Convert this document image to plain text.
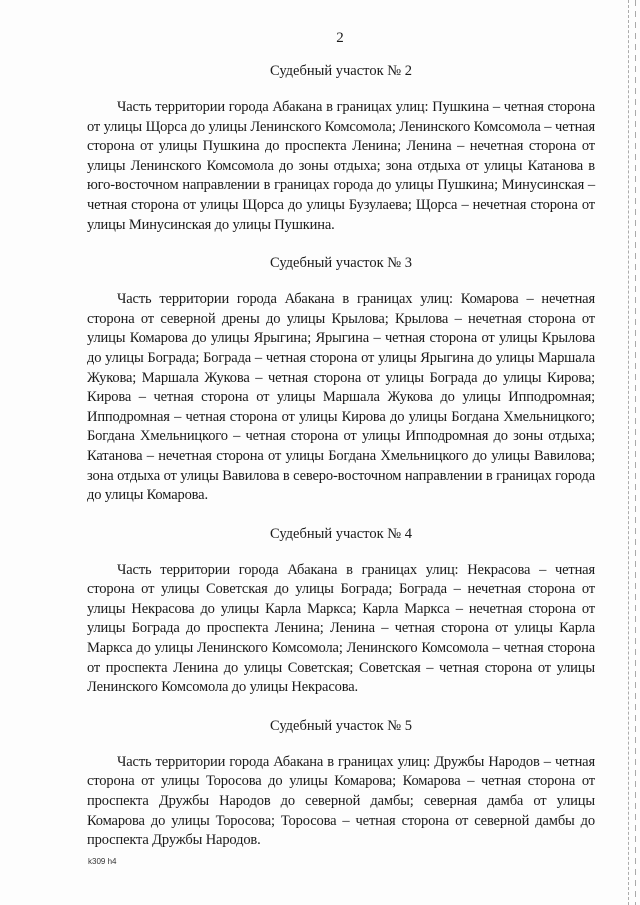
2
Судебный участок № 2

Часть территории города Абакана в границах улиц: Пушкина – четная сторона от улицы Щорса до улицы Ленинского Комсомола; Ленинского Комсомола – четная сторона от улицы Пушкина до проспекта Ленина; Ленина – нечетная сторона от улицы Ленинского Комсомола до зоны отдыха; зона отдыха от улицы Катанова в юго-восточном направлении в границах города до улицы Пушкина; Минусинская – четная сторона от улицы Щорса до улицы Бузулаева; Щорса – нечетная сторона от улицы Минусинская до улицы Пушкина.

Судебный участок № 3

Часть территории города Абакана в границах улиц: Комарова – нечетная сторона от северной дрены до улицы Крылова; Крылова – нечетная сторона от улицы Комарова до улицы Ярыгина; Ярыгина – четная сторона от улицы Крылова до улицы Бограда; Бограда – четная сторона от улицы Ярыгина до улицы Маршала Жукова; Маршала Жукова – четная сторона от улицы Бограда до улицы Кирова; Кирова – четная сторона от улицы Маршала Жукова до улицы Ипподромная; Ипподромная – четная сторона от улицы Кирова до улицы Богдана Хмельницкого; Богдана Хмельницкого – четная сторона от улицы Ипподромная до зоны отдыха; Катанова – нечетная сторона от улицы Богдана Хмельницкого до улицы Вавилова; зона отдыха от улицы Вавилова в северо-восточном направлении в границах города до улицы Комарова.

Судебный участок № 4

Часть территории города Абакана в границах улиц: Некрасова – четная сторона от улицы Советская до улицы Бограда; Бограда – нечетная сторона от улицы Некрасова до улицы Карла Маркса; Карла Маркса – нечетная сторона от улицы Бограда до проспекта Ленина; Ленина – четная сторона от улицы Карла Маркса до улицы Ленинского Комсомола; Ленинского Комсомола – четная сторона от проспекта Ленина до улицы Советская; Советская – четная сторона от улицы Ленинского Комсомола до улицы Некрасова.

Судебный участок № 5

Часть территории города Абакана в границах улиц: Дружбы Народов – четная сторона от улицы Торосова до улицы Комарова; Комарова – четная сторона от проспекта Дружбы Народов до северной дамбы; северная дамба от улицы Комарова до улицы Торосова; Торосова – четная сторона от северной дамбы до проспекта Дружбы Народов.

k309 h4
